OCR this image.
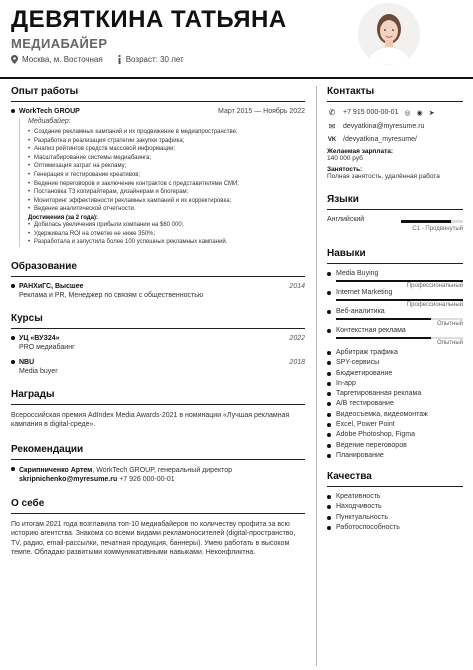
ДЕВЯТКИНА ТАТЬЯНА
МЕДИАБАЙЕР
Москва, м. Восточная	Возраст: 30 лет
Опыт работы
WorkTech GROUP	Март 2015 — Ноябрь 2022
Медиабайер:
• Создание рекламных кампаний и их продвижение в медиапространстве;
• Разработка и реализация стратегии закупки трафика;
• Анализ рейтингов средств массовой информации;
• Масштабирование системы медиабаинга;
• Оптимизация затрат на рекламу;
• Генерация и тестирование креативов;
• Ведение переговоров и заключение контрактов с представителями СМИ;
• Постановка ТЗ копирайтерам, дизайнерам и блогерам;
• Мониторинг эффективности рекламных кампаний и их корректировка;
• Ведение аналитической отчетности.
Достижения (за 2 года):
• Добилась увеличения прибыли компании на $60 000;
• Удерживала ROI на отметке не ниже 350%;
• Разработала и запустила более 100 успешных рекламных кампаний.
Образование
РАНХиГС, Высшее	2014
Реклама и PR, Менеджер по связям с общественностью
Курсы
УЦ «ВУЗ24»	2022
PRO медиабаинг
NBU	2018
Media buyer
Награды
Всероссийская премия AdIndex Media Awards-2021 в номинации «Лучшая рекламная кампания в digital-среде».
Рекомендации
Скрипниченко Артем, WorkTech GROUP, генеральный директор
skripnichenko@myresume.ru +7 926 000-00-01
О себе
По итогам 2021 года возглавила топ-10 медиабайеров по количеству профита за всю историю агентства. Знакома со всеми видами рекламоносителей (digital-пространство, TV, радио, email-рассылки, печатная продукция, баннеры). Умею работать в высоком темпе. Обладаю развитыми коммуникативными навыками. Неконфликтна.
Контакты
✆ +7 915 000-00-01 ◎ ◉ ➤
✉ devyatkina@myresume.ru
VK /devyatkina_myresume/
Желаемая зарплата:
140 000 руб
Занятость:
Полная занятость, удалённая работа
Языки
Английский
C1 - Продвинутый
Навыки
Media Buying
Профессиональный
Internet Marketing
Профессиональный
Веб-аналитика
Опытный
Контекстная реклама
Опытный
Арбитраж трафика
SPY-сервисы
Бюджетирование
In-app
Таргетированная реклама
A/B тестирование
Видеосъемка, видеомонтаж
Excel, Power Point
Adobe Photoshop, Figma
Ведение переговоров
Планирование
Качества
Креативность
Находчивость
Пунктуальность
Работоспособность
